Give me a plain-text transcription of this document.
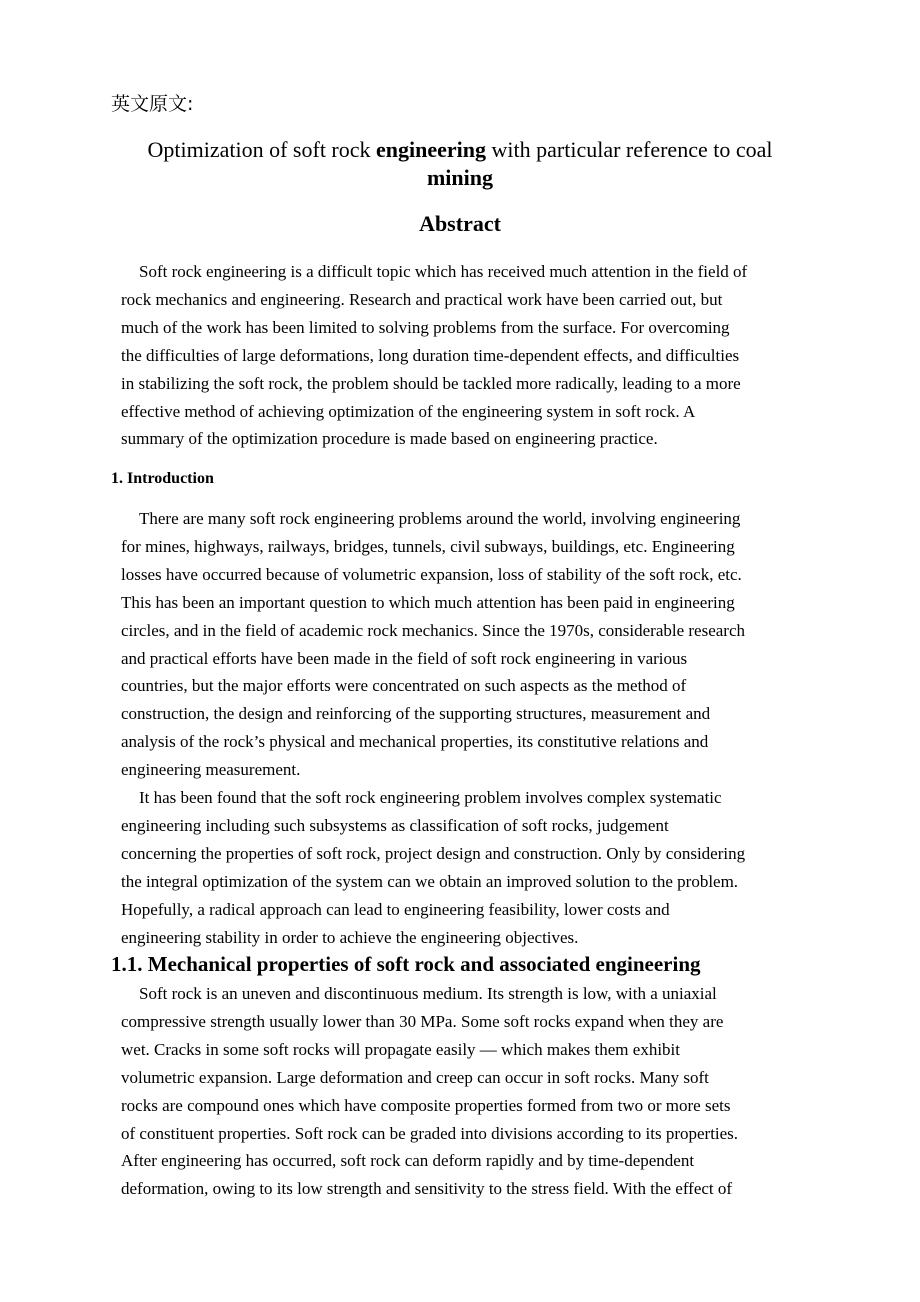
英文原文:
Optimization of soft rock engineering with particular reference to coal
mining
Abstract
Soft rock engineering is a difficult topic which has received much attention in the field of
rock mechanics and engineering. Research and practical work have been carried out, but
much of the work has been limited to solving problems from the surface. For overcoming
the difficulties of large deformations, long duration time-dependent effects, and difficulties
in stabilizing the soft rock, the problem should be tackled more radically, leading to a more
effective method of achieving optimization of the engineering system in soft rock. A
summary of the optimization procedure is made based on engineering practice.
1. Introduction
There are many soft rock engineering problems around the world, involving engineering
for mines, highways, railways, bridges, tunnels, civil subways, buildings, etc. Engineering
losses have occurred because of volumetric expansion, loss of stability of the soft rock, etc.
This has been an important question to which much attention has been paid in engineering
circles, and in the field of academic rock mechanics. Since the 1970s, considerable research
and practical efforts have been made in the field of soft rock engineering in various
countries, but the major efforts were concentrated on such aspects as the method of
construction, the design and reinforcing of the supporting structures, measurement and
analysis of the rock’s physical and mechanical properties, its constitutive relations and
engineering measurement.
It has been found that the soft rock engineering problem involves complex systematic
engineering including such subsystems as classification of soft rocks, judgement
concerning the properties of soft rock, project design and construction. Only by considering
the integral optimization of the system can we obtain an improved solution to the problem.
Hopefully, a radical approach can lead to engineering feasibility, lower costs and
engineering stability in order to achieve the engineering objectives.
1.1. Mechanical properties of soft rock and associated engineering
Soft rock is an uneven and discontinuous medium. Its strength is low, with a uniaxial
compressive strength usually lower than 30 MPa. Some soft rocks expand when they are
wet. Cracks in some soft rocks will propagate easily — which makes them exhibit
volumetric expansion. Large deformation and creep can occur in soft rocks. Many soft
rocks are compound ones which have composite properties formed from two or more sets
of constituent properties. Soft rock can be graded into divisions according to its properties.
After engineering has occurred, soft rock can deform rapidly and by time-dependent
deformation, owing to its low strength and sensitivity to the stress field. With the effect of
